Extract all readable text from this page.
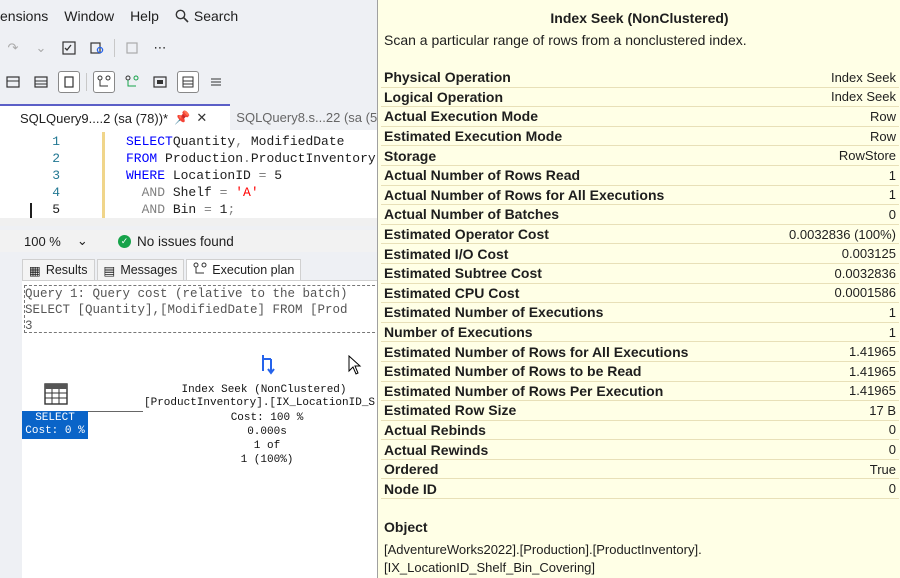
ensions	Window	Help	Search
↷	⌄	⋯
SQLQuery9....2 (sa (78))* 📌 ✕ SQLQuery8.s...22 (sa (5
1	SELECTQuantity, ModifiedDate
2	FROM Production.ProductInventory
3	WHERE LocationID = 5
4	AND Shelf = 'A'
5	AND Bin = 1;
100 % ⌄	✓ No issues found
▦ Results ▤ Messages	Execution plan
Query 1: Query cost (relative to the batch)
SELECT [Quantity],[ModifiedDate] FROM [Prod
3
SELECT
Cost: 0 %
Index Seek (NonClustered)
[ProductInventory].[IX_LocationID_S
Cost: 100 %
0.000s
1 of
1 (100%)
Index Seek (NonClustered)
Scan a particular range of rows from a nonclustered index.
Physical Operation	Index Seek
Logical Operation	Index Seek
Actual Execution Mode	Row
Estimated Execution Mode	Row
Storage	RowStore
Actual Number of Rows Read	1
Actual Number of Rows for All Executions	1
Actual Number of Batches	0
Estimated Operator Cost	0.0032836 (100%)
Estimated I/O Cost	0.003125
Estimated Subtree Cost	0.0032836
Estimated CPU Cost	0.0001586
Estimated Number of Executions	1
Number of Executions	1
Estimated Number of Rows for All Executions	1.41965
Estimated Number of Rows to be Read	1.41965
Estimated Number of Rows Per Execution	1.41965
Estimated Row Size	17 B
Actual Rebinds	0
Actual Rewinds	0
Ordered	True
Node ID	0
Object
[AdventureWorks2022].[Production].[ProductInventory].
[IX_LocationID_Shelf_Bin_Covering]
